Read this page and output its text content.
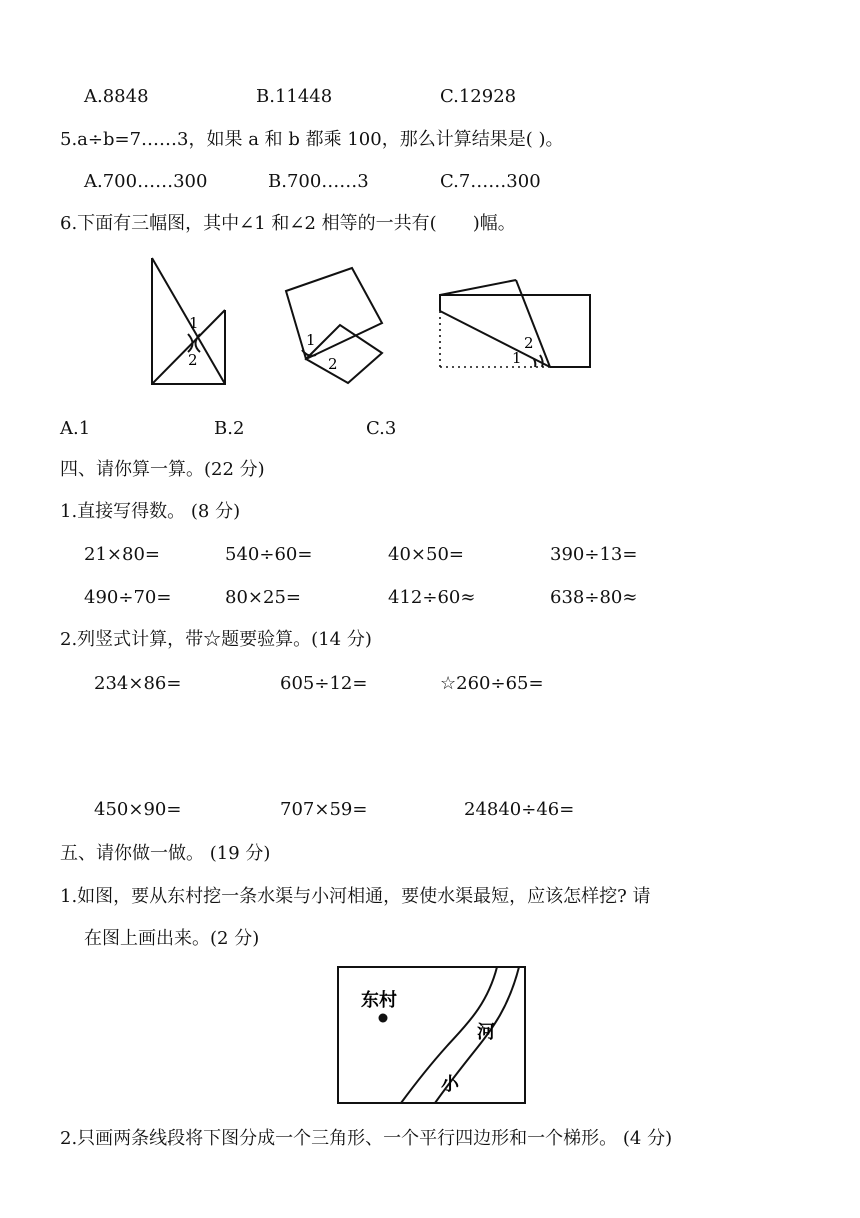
A.8848	B.11448	C.12928
5.a÷b=7……3，如果 a 和 b 都乘 100，那么计算结果是( )。
A.700……300	B.700……3	C.7……300
6.下面有三幅图，其中∠1 和∠2 相等的一共有(　　)幅。
1
2
1
2	1
2
A.1	B.2	C.3
四、请你算一算。(22 分)
1.直接写得数。 (8 分)
21×80=	540÷60=	40×50=	390÷13=
490÷70=	80×25=	412÷60≈	638÷80≈
2.列竖式计算，带☆题要验算。(14 分)
234×86=	605÷12=	☆260÷65=
450×90=	707×59=	24840÷46=
五、请你做一做。 (19 分)
1.如图，要从东村挖一条水渠与小河相通，要使水渠最短，应该怎样挖? 请
在图上画出来。(2 分)
东村
河
小
2.只画两条线段将下图分成一个三角形、一个平行四边形和一个梯形。 (4 分)
